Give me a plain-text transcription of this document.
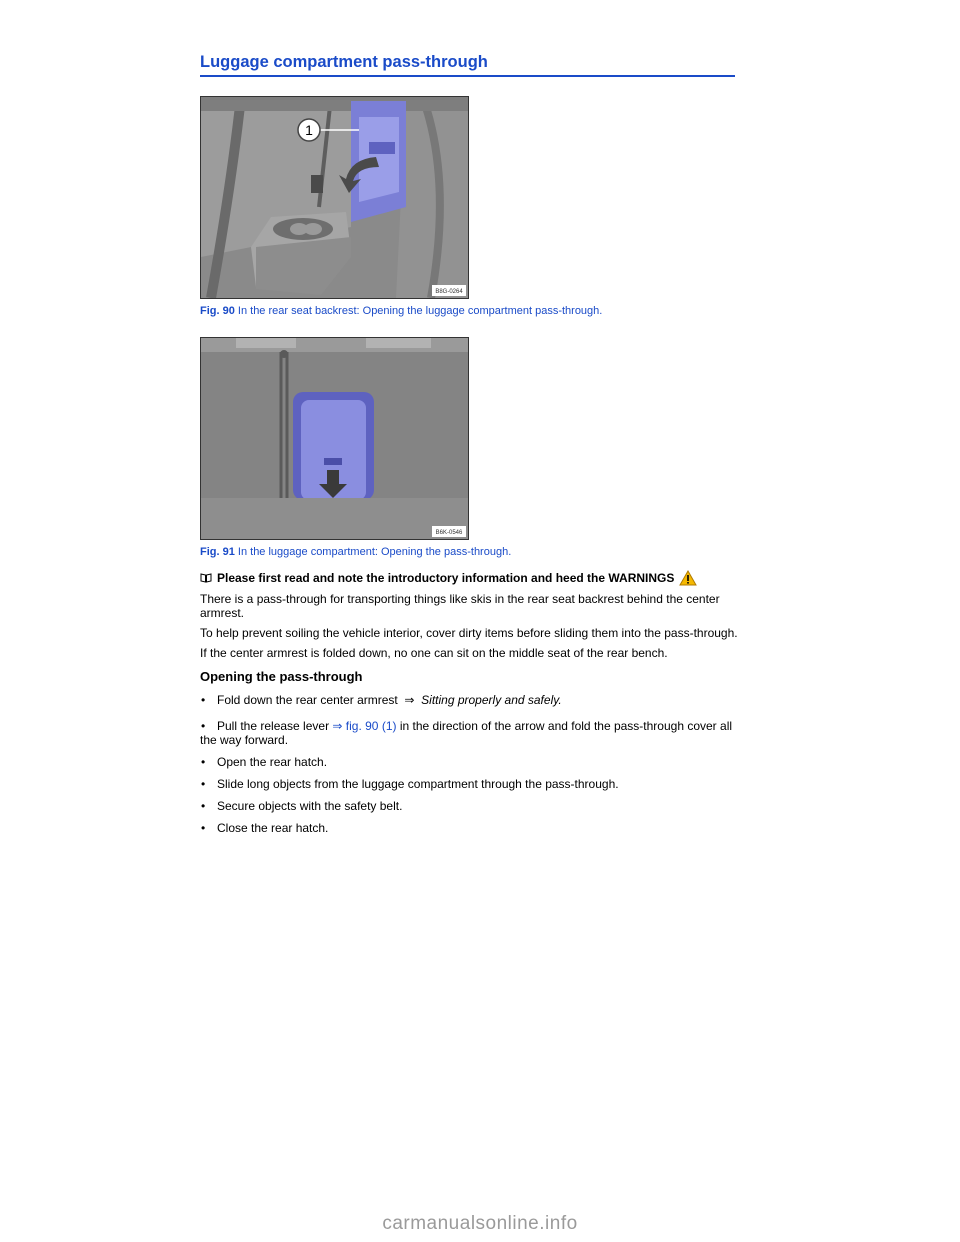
Luggage compartment pass-through
1
B8G-0264
Fig. 90 In the rear seat backrest: Opening the luggage compartment pass-through.
B6K-0546
Fig. 91 In the luggage compartment: Opening the pass-through.
Please first read and note the introductory information and heed the WARNINGS
There is a pass-through for transporting things like skis in the rear seat backrest behind the center armrest.
To help prevent soiling the vehicle interior, cover dirty items before sliding them into the pass-through.
If the center armrest is folded down, no one can sit on the middle seat of the rear bench.
Opening the pass-through
• Fold down the rear center armrest ⇒ Sitting properly and safely.
• Pull the release lever ⇒ fig. 90 (1) in the direction of the arrow and fold the pass-through cover all the way forward.
• Open the rear hatch.
• Slide long objects from the luggage compartment through the pass-through.
• Secure objects with the safety belt.
• Close the rear hatch.
carmanualsonline.info
